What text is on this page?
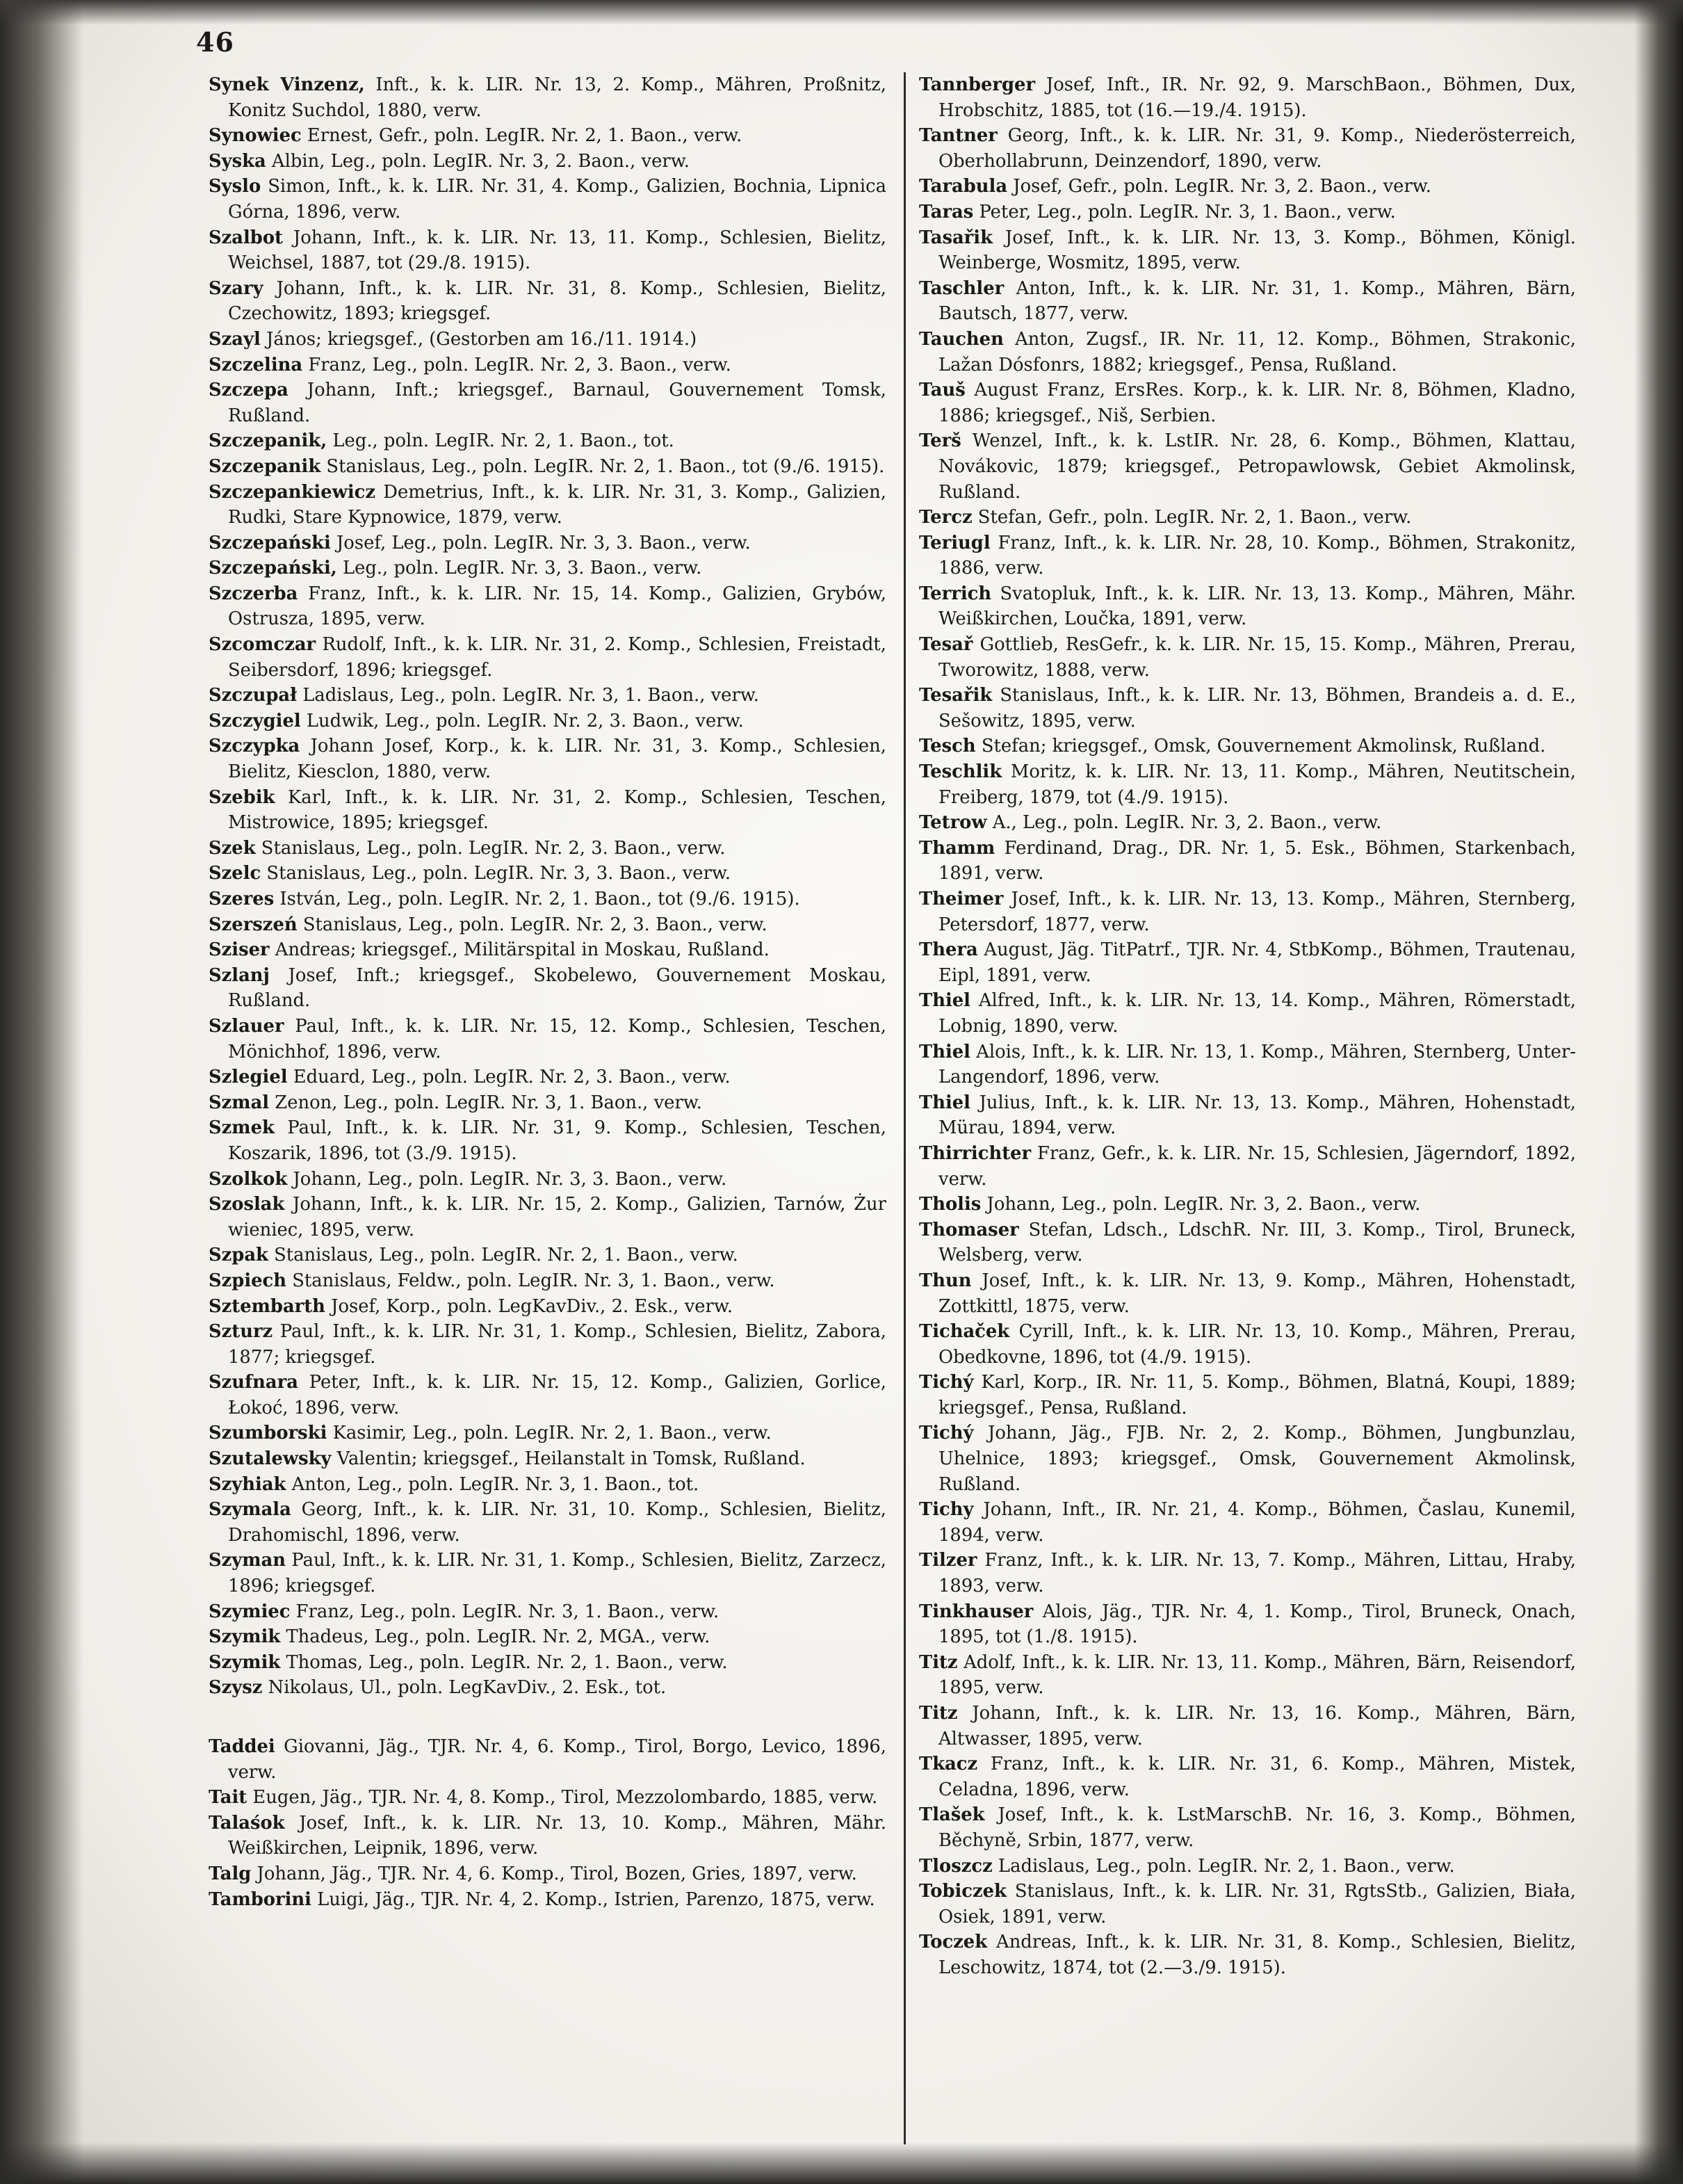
46

Synek Vinzenz, Inft., k. k. LIR. Nr. 13, 2. Komp., Mähren, Proßnitz, Konitz Suchdol, 1880, verw.

Synowiec Ernest, Gefr., poln. LegIR. Nr. 2, 1. Baon., verw.

Syska Albin, Leg., poln. LegIR. Nr. 3, 2. Baon., verw.

Syslo Simon, Inft., k. k. LIR. Nr. 31, 4. Komp., Galizien, Bochnia, Lipnica Górna, 1896, verw.

Szalbot Johann, Inft., k. k. LIR. Nr. 13, 11. Komp., Schlesien, Bielitz, Weichsel, 1887, tot (29./8. 1915).

Szary Johann, Inft., k. k. LIR. Nr. 31, 8. Komp., Schlesien, Bielitz, Czechowitz, 1893; kriegsgef.

Szayl János; kriegsgef., (Gestorben am 16./11. 1914.)

Szczelina Franz, Leg., poln. LegIR. Nr. 2, 3. Baon., verw.

Szczepa Johann, Inft.; kriegsgef., Barnaul, Gouvernement Tomsk, Rußland.

Szczepanik, Leg., poln. LegIR. Nr. 2, 1. Baon., tot.

Szczepanik Stanislaus, Leg., poln. LegIR. Nr. 2, 1. Baon., tot (9./6. 1915).

Szczepankiewicz Demetrius, Inft., k. k. LIR. Nr. 31, 3. Komp., Galizien, Rudki, Stare Kypnowice, 1879, verw.

Szczepański Josef, Leg., poln. LegIR. Nr. 3, 3. Baon., verw.

Szczepański, Leg., poln. LegIR. Nr. 3, 3. Baon., verw.

Szczerba Franz, Inft., k. k. LIR. Nr. 15, 14. Komp., Galizien, Grybów, Ostrusza, 1895, verw.

Szcomczar Rudolf, Inft., k. k. LIR. Nr. 31, 2. Komp., Schlesien, Freistadt, Seibersdorf, 1896; kriegsgef.

Szczupał Ladislaus, Leg., poln. LegIR. Nr. 3, 1. Baon., verw.

Szczygiel Ludwik, Leg., poln. LegIR. Nr. 2, 3. Baon., verw.

Szczypka Johann Josef, Korp., k. k. LIR. Nr. 31, 3. Komp., Schlesien, Bielitz, Kiesclon, 1880, verw.

Szebik Karl, Inft., k. k. LIR. Nr. 31, 2. Komp., Schlesien, Teschen, Mistrowice, 1895; kriegsgef.

Szek Stanislaus, Leg., poln. LegIR. Nr. 2, 3. Baon., verw.

Szelc Stanislaus, Leg., poln. LegIR. Nr. 3, 3. Baon., verw.

Szeres István, Leg., poln. LegIR. Nr. 2, 1. Baon., tot (9./6. 1915).

Szerszeń Stanislaus, Leg., poln. LegIR. Nr. 2, 3. Baon., verw.

Sziser Andreas; kriegsgef., Militärspital in Moskau, Rußland.

Szlanj Josef, Inft.; kriegsgef., Skobelewo, Gouvernement Moskau, Rußland.

Szlauer Paul, Inft., k. k. LIR. Nr. 15, 12. Komp., Schlesien, Teschen, Mönichhof, 1896, verw.

Szlegiel Eduard, Leg., poln. LegIR. Nr. 2, 3. Baon., verw.

Szmal Zenon, Leg., poln. LegIR. Nr. 3, 1. Baon., verw.

Szmek Paul, Inft., k. k. LIR. Nr. 31, 9. Komp., Schlesien, Teschen, Koszarik, 1896, tot (3./9. 1915).

Szolkok Johann, Leg., poln. LegIR. Nr. 3, 3. Baon., verw.

Szoslak Johann, Inft., k. k. LIR. Nr. 15, 2. Komp., Galizien, Tarnów, Żur wieniec, 1895, verw.

Szpak Stanislaus, Leg., poln. LegIR. Nr. 2, 1. Baon., verw.

Szpiech Stanislaus, Feldw., poln. LegIR. Nr. 3, 1. Baon., verw.

Sztembarth Josef, Korp., poln. LegKavDiv., 2. Esk., verw.

Szturz Paul, Inft., k. k. LIR. Nr. 31, 1. Komp., Schlesien, Bielitz, Zabora, 1877; kriegsgef.

Szufnara Peter, Inft., k. k. LIR. Nr. 15, 12. Komp., Galizien, Gorlice, Łokoć, 1896, verw.

Szumborski Kasimir, Leg., poln. LegIR. Nr. 2, 1. Baon., verw.

Szutalewsky Valentin; kriegsgef., Heilanstalt in Tomsk, Rußland.

Szyhiak Anton, Leg., poln. LegIR. Nr. 3, 1. Baon., tot.

Szymala Georg, Inft., k. k. LIR. Nr. 31, 10. Komp., Schlesien, Bielitz, Drahomischl, 1896, verw.

Szyman Paul, Inft., k. k. LIR. Nr. 31, 1. Komp., Schlesien, Bielitz, Zarzecz, 1896; kriegsgef.

Szymiec Franz, Leg., poln. LegIR. Nr. 3, 1. Baon., verw.

Szymik Thadeus, Leg., poln. LegIR. Nr. 2, MGA., verw.

Szymik Thomas, Leg., poln. LegIR. Nr. 2, 1. Baon., verw.

Szysz Nikolaus, Ul., poln. LegKavDiv., 2. Esk., tot.

Taddei Giovanni, Jäg., TJR. Nr. 4, 6. Komp., Tirol, Borgo, Levico, 1896, verw.

Tait Eugen, Jäg., TJR. Nr. 4, 8. Komp., Tirol, Mezzolombardo, 1885, verw.

Talaśok Josef, Inft., k. k. LIR. Nr. 13, 10. Komp., Mähren, Mähr. Weißkirchen, Leipnik, 1896, verw.

Talg Johann, Jäg., TJR. Nr. 4, 6. Komp., Tirol, Bozen, Gries, 1897, verw.

Tamborini Luigi, Jäg., TJR. Nr. 4, 2. Komp., Istrien, Parenzo, 1875, verw.

Tannberger Josef, Inft., IR. Nr. 92, 9. MarschBaon., Böhmen, Dux, Hrobschitz, 1885, tot (16.—19./4. 1915).

Tantner Georg, Inft., k. k. LIR. Nr. 31, 9. Komp., Niederösterreich, Oberhollabrunn, Deinzendorf, 1890, verw.

Tarabula Josef, Gefr., poln. LegIR. Nr. 3, 2. Baon., verw.

Taras Peter, Leg., poln. LegIR. Nr. 3, 1. Baon., verw.

Tasařik Josef, Inft., k. k. LIR. Nr. 13, 3. Komp., Böhmen, Königl. Weinberge, Wosmitz, 1895, verw.

Taschler Anton, Inft., k. k. LIR. Nr. 31, 1. Komp., Mähren, Bärn, Bautsch, 1877, verw.

Tauchen Anton, Zugsf., IR. Nr. 11, 12. Komp., Böhmen, Strakonic, Lažan Dósfonrs, 1882; kriegsgef., Pensa, Rußland.

Tauš August Franz, ErsRes. Korp., k. k. LIR. Nr. 8, Böhmen, Kladno, 1886; kriegsgef., Niš, Serbien.

Terš Wenzel, Inft., k. k. LstIR. Nr. 28, 6. Komp., Böhmen, Klattau, Novákovic, 1879; kriegsgef., Petropawlowsk, Gebiet Akmolinsk, Rußland.

Tercz Stefan, Gefr., poln. LegIR. Nr. 2, 1. Baon., verw.

Teriugl Franz, Inft., k. k. LIR. Nr. 28, 10. Komp., Böhmen, Strakonitz, 1886, verw.

Terrich Svatopluk, Inft., k. k. LIR. Nr. 13, 13. Komp., Mähren, Mähr. Weißkirchen, Loučka, 1891, verw.

Tesař Gottlieb, ResGefr., k. k. LIR. Nr. 15, 15. Komp., Mähren, Prerau, Tworowitz, 1888, verw.

Tesařik Stanislaus, Inft., k. k. LIR. Nr. 13, Böhmen, Brandeis a. d. E., Sešowitz, 1895, verw.

Tesch Stefan; kriegsgef., Omsk, Gouvernement Akmolinsk, Rußland.

Teschlik Moritz, k. k. LIR. Nr. 13, 11. Komp., Mähren, Neutitschein, Freiberg, 1879, tot (4./9. 1915).

Tetrow A., Leg., poln. LegIR. Nr. 3, 2. Baon., verw.

Thamm Ferdinand, Drag., DR. Nr. 1, 5. Esk., Böhmen, Starkenbach, 1891, verw.

Theimer Josef, Inft., k. k. LIR. Nr. 13, 13. Komp., Mähren, Sternberg, Petersdorf, 1877, verw.

Thera August, Jäg. TitPatrf., TJR. Nr. 4, StbKomp., Böhmen, Trautenau, Eipl, 1891, verw.

Thiel Alfred, Inft., k. k. LIR. Nr. 13, 14. Komp., Mähren, Römerstadt, Lobnig, 1890, verw.

Thiel Alois, Inft., k. k. LIR. Nr. 13, 1. Komp., Mähren, Sternberg, Unter-Langendorf, 1896, verw.

Thiel Julius, Inft., k. k. LIR. Nr. 13, 13. Komp., Mähren, Hohenstadt, Mürau, 1894, verw.

Thirrichter Franz, Gefr., k. k. LIR. Nr. 15, Schlesien, Jägerndorf, 1892, verw.

Tholis Johann, Leg., poln. LegIR. Nr. 3, 2. Baon., verw.

Thomaser Stefan, Ldsch., LdschR. Nr. III, 3. Komp., Tirol, Bruneck, Welsberg, verw.

Thun Josef, Inft., k. k. LIR. Nr. 13, 9. Komp., Mähren, Hohenstadt, Zottkittl, 1875, verw.

Tichaček Cyrill, Inft., k. k. LIR. Nr. 13, 10. Komp., Mähren, Prerau, Obedkovne, 1896, tot (4./9. 1915).

Tichý Karl, Korp., IR. Nr. 11, 5. Komp., Böhmen, Blatná, Koupi, 1889; kriegsgef., Pensa, Rußland.

Tichý Johann, Jäg., FJB. Nr. 2, 2. Komp., Böhmen, Jungbunzlau, Uhelnice, 1893; kriegsgef., Omsk, Gouvernement Akmolinsk, Rußland.

Tichy Johann, Inft., IR. Nr. 21, 4. Komp., Böhmen, Časlau, Kunemil, 1894, verw.

Tilzer Franz, Inft., k. k. LIR. Nr. 13, 7. Komp., Mähren, Littau, Hraby, 1893, verw.

Tinkhauser Alois, Jäg., TJR. Nr. 4, 1. Komp., Tirol, Bruneck, Onach, 1895, tot (1./8. 1915).

Titz Adolf, Inft., k. k. LIR. Nr. 13, 11. Komp., Mähren, Bärn, Reisendorf, 1895, verw.

Titz Johann, Inft., k. k. LIR. Nr. 13, 16. Komp., Mähren, Bärn, Altwasser, 1895, verw.

Tkacz Franz, Inft., k. k. LIR. Nr. 31, 6. Komp., Mähren, Mistek, Celadna, 1896, verw.

Tlašek Josef, Inft., k. k. LstMarschB. Nr. 16, 3. Komp., Böhmen, Běchyně, Srbin, 1877, verw.

Tloszcz Ladislaus, Leg., poln. LegIR. Nr. 2, 1. Baon., verw.

Tobiczek Stanislaus, Inft., k. k. LIR. Nr. 31, RgtsStb., Galizien, Biała, Osiek, 1891, verw.

Toczek Andreas, Inft., k. k. LIR. Nr. 31, 8. Komp., Schlesien, Bielitz, Leschowitz, 1874, tot (2.—3./9. 1915).
